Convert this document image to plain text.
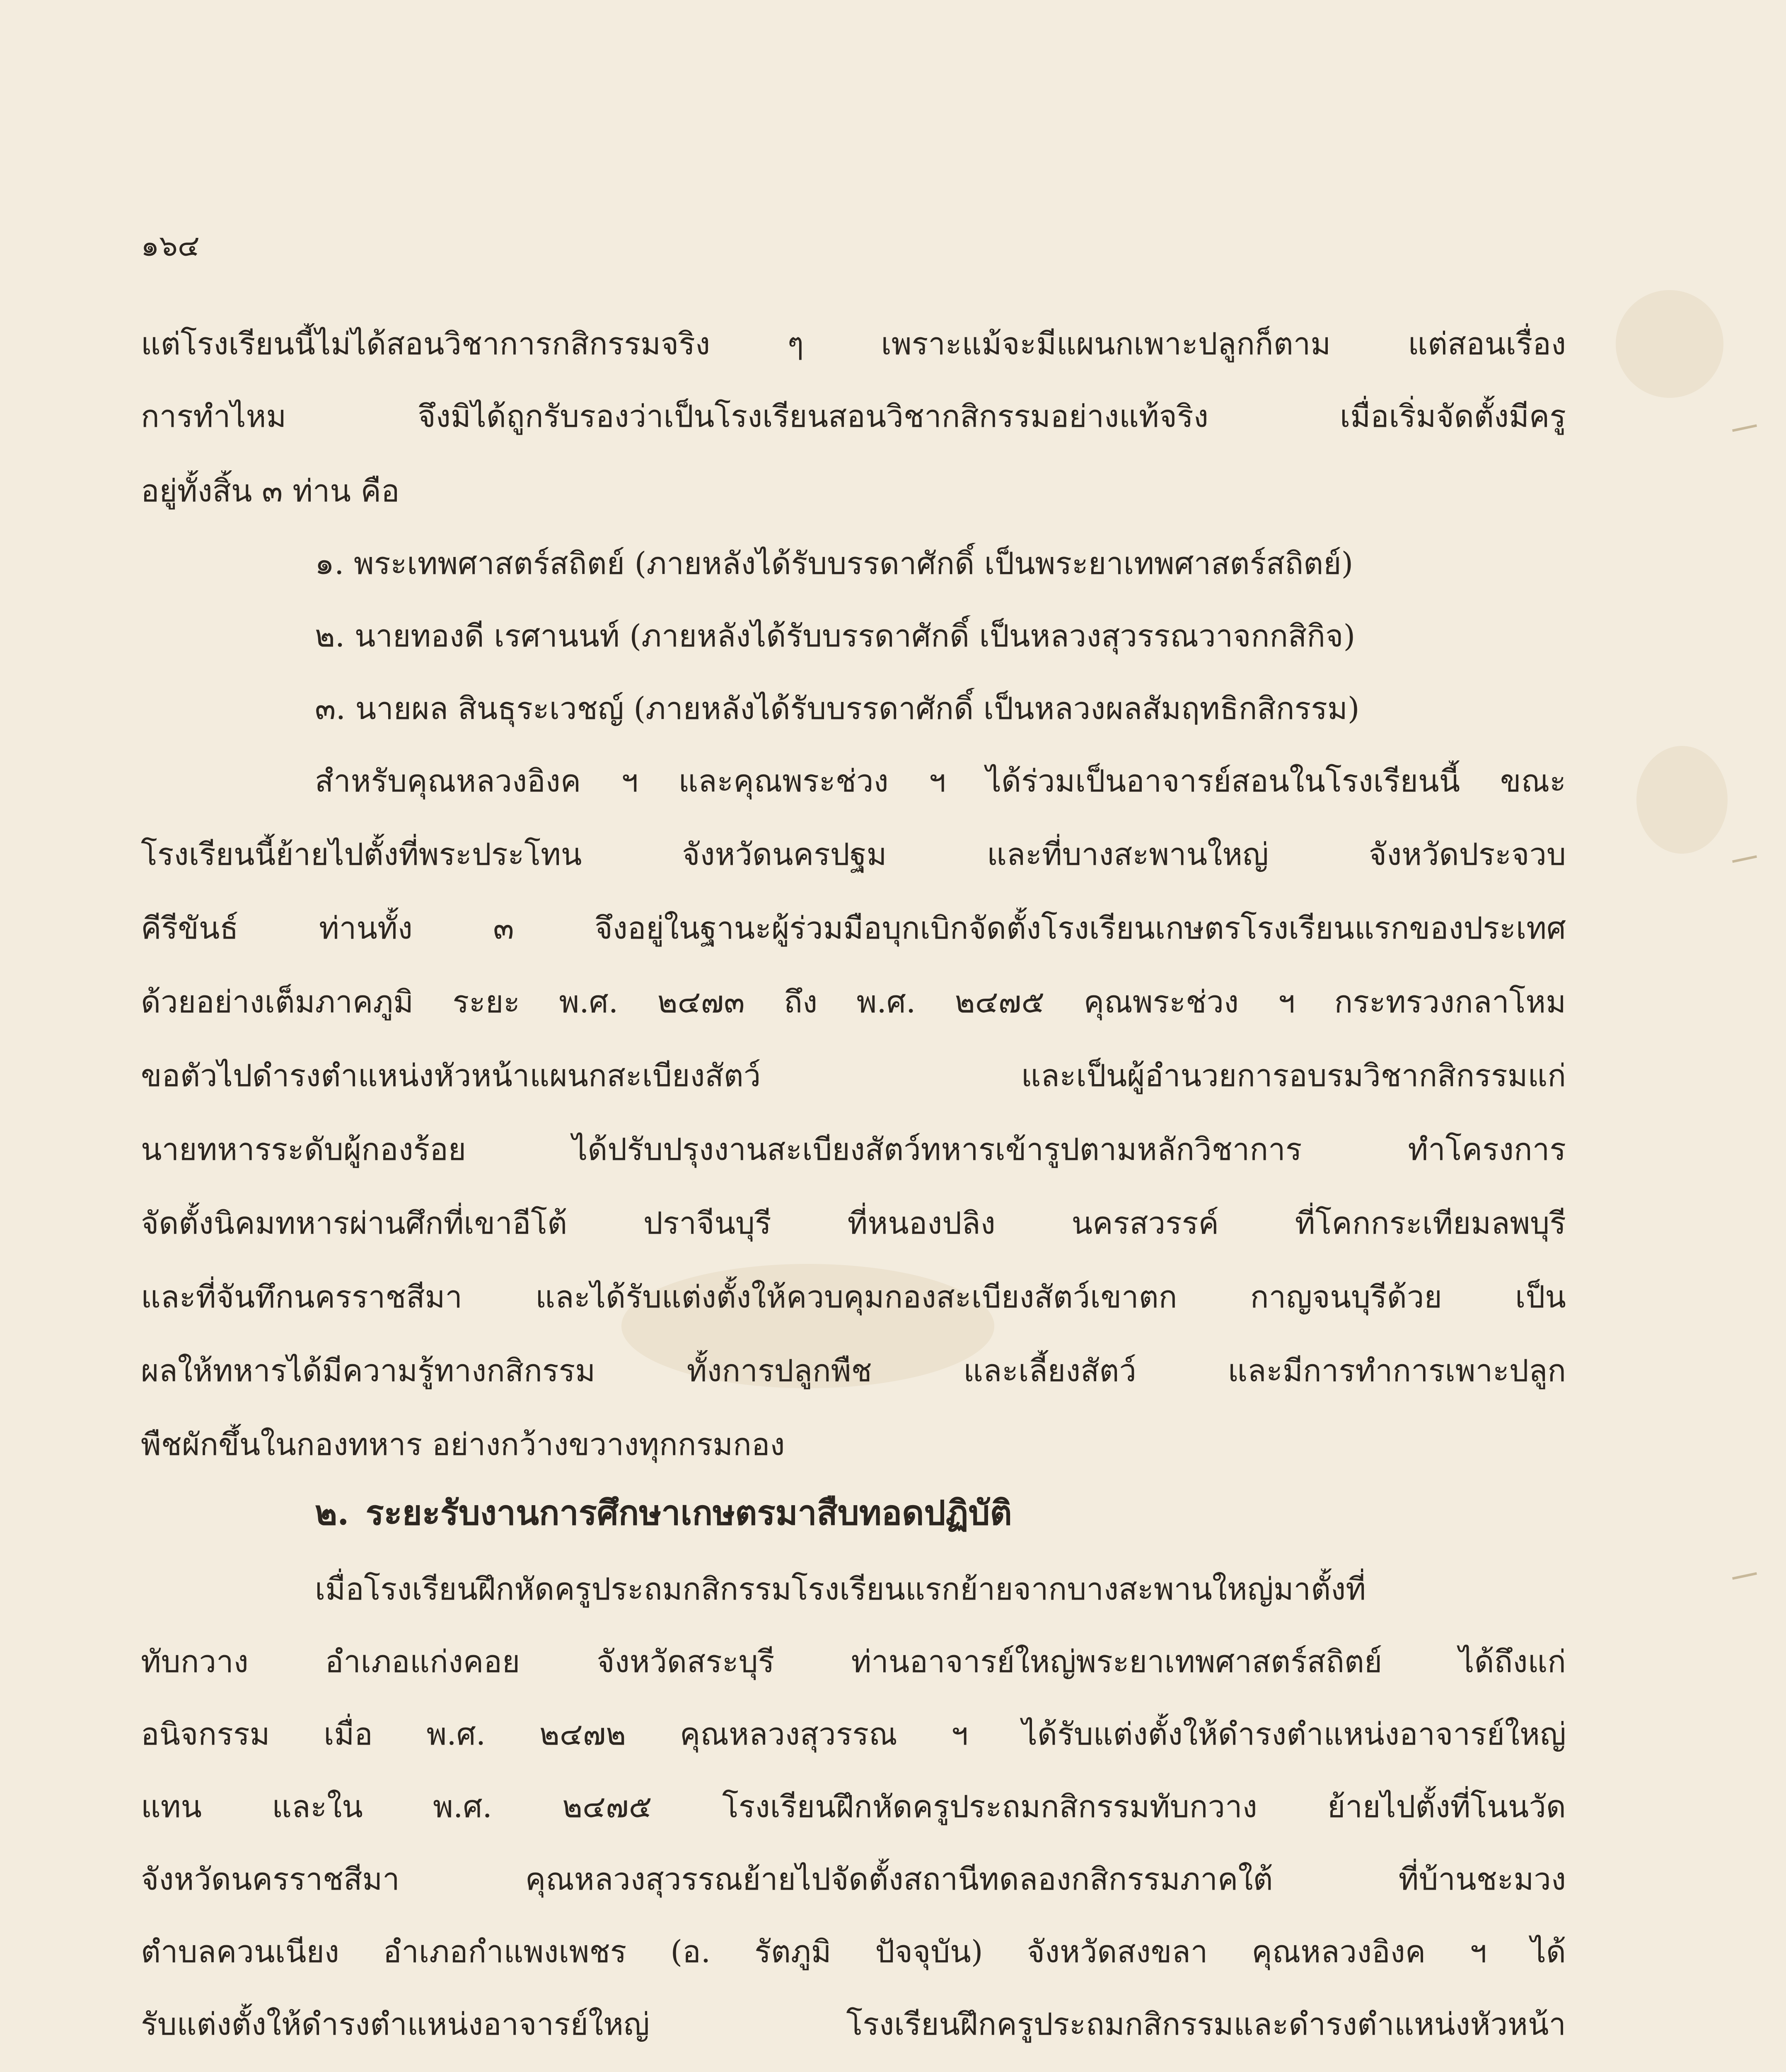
๑๖๔
แต่โรงเรียนนี้ไม่ได้สอนวิชาการกสิกรรมจริง ๆ เพราะแม้จะมีแผนกเพาะปลูกก็ตาม แต่สอนเรื่อง
การทำไหม จึงมิได้ถูกรับรองว่าเป็นโรงเรียนสอนวิชากสิกรรมอย่างแท้จริง เมื่อเริ่มจัดตั้งมีครู
อยู่ทั้งสิ้น ๓ ท่าน คือ
๑. พระเทพศาสตร์สถิตย์ (ภายหลังได้รับบรรดาศักดิ์ เป็นพระยาเทพศาสตร์สถิตย์)
๒. นายทองดี เรศานนท์ (ภายหลังได้รับบรรดาศักดิ์ เป็นหลวงสุวรรณวาจกกสิกิจ)
๓. นายผล สินธุระเวชญ์ (ภายหลังได้รับบรรดาศักดิ์ เป็นหลวงผลสัมฤทธิกสิกรรม)
สำหรับคุณหลวงอิงค ฯ และคุณพระช่วง ฯ ได้ร่วมเป็นอาจารย์สอนในโรงเรียนนี้ ขณะ
โรงเรียนนี้ย้ายไปตั้งที่พระประโทน จังหวัดนครปฐม และที่บางสะพานใหญ่ จังหวัดประจวบ
คีรีขันธ์ ท่านทั้ง ๓ จึงอยู่ในฐานะผู้ร่วมมือบุกเบิกจัดตั้งโรงเรียนเกษตรโรงเรียนแรกของประเทศ
ด้วยอย่างเต็มภาคภูมิ ระยะ พ.ศ. ๒๔๗๓ ถึง พ.ศ. ๒๔๗๕ คุณพระช่วง ฯ กระทรวงกลาโหม
ขอตัวไปดำรงตำแหน่งหัวหน้าแผนกสะเบียงสัตว์ และเป็นผู้อำนวยการอบรมวิชากสิกรรมแก่
นายทหารระดับผู้กองร้อย ได้ปรับปรุงงานสะเบียงสัตว์ทหารเข้ารูปตามหลักวิชาการ ทำโครงการ
จัดตั้งนิคมทหารผ่านศึกที่เขาอีโต้ ปราจีนบุรี ที่หนองปลิง นครสวรรค์ ที่โคกกระเทียมลพบุรี
และที่จันทึกนครราชสีมา และได้รับแต่งตั้งให้ควบคุมกองสะเบียงสัตว์เขาตก กาญจนบุรีด้วย เป็น
ผลให้ทหารได้มีความรู้ทางกสิกรรม ทั้งการปลูกพืช และเลี้ยงสัตว์ และมีการทำการเพาะปลูก
พืชผักขึ้นในกองทหาร อย่างกว้างขวางทุกกรมกอง
๒. ระยะรับงานการศึกษาเกษตรมาสืบทอดปฏิบัติ
เมื่อโรงเรียนฝึกหัดครูประถมกสิกรรมโรงเรียนแรกย้ายจากบางสะพานใหญ่มาตั้งที่
ทับกวาง อำเภอแก่งคอย จังหวัดสระบุรี ท่านอาจารย์ใหญ่พระยาเทพศาสตร์สถิตย์ ได้ถึงแก่
อนิจกรรม เมื่อ พ.ศ. ๒๔๗๒ คุณหลวงสุวรรณ ฯ ได้รับแต่งตั้งให้ดำรงตำแหน่งอาจารย์ใหญ่
แทน และใน พ.ศ. ๒๔๗๕ โรงเรียนฝึกหัดครูประถมกสิกรรมทับกวาง ย้ายไปตั้งที่โนนวัด
จังหวัดนครราชสีมา คุณหลวงสุวรรณย้ายไปจัดตั้งสถานีทดลองกสิกรรมภาคใต้ ที่บ้านชะมวง
ตำบลควนเนียง อำเภอกำแพงเพชร (อ. รัตภูมิ ปัจจุบัน) จังหวัดสงขลา คุณหลวงอิงค ฯ ได้
รับแต่งตั้งให้ดำรงตำแหน่งอาจารย์ใหญ่ โรงเรียนฝึกครูประถมกสิกรรมและดำรงตำแหน่งหัวหน้า
